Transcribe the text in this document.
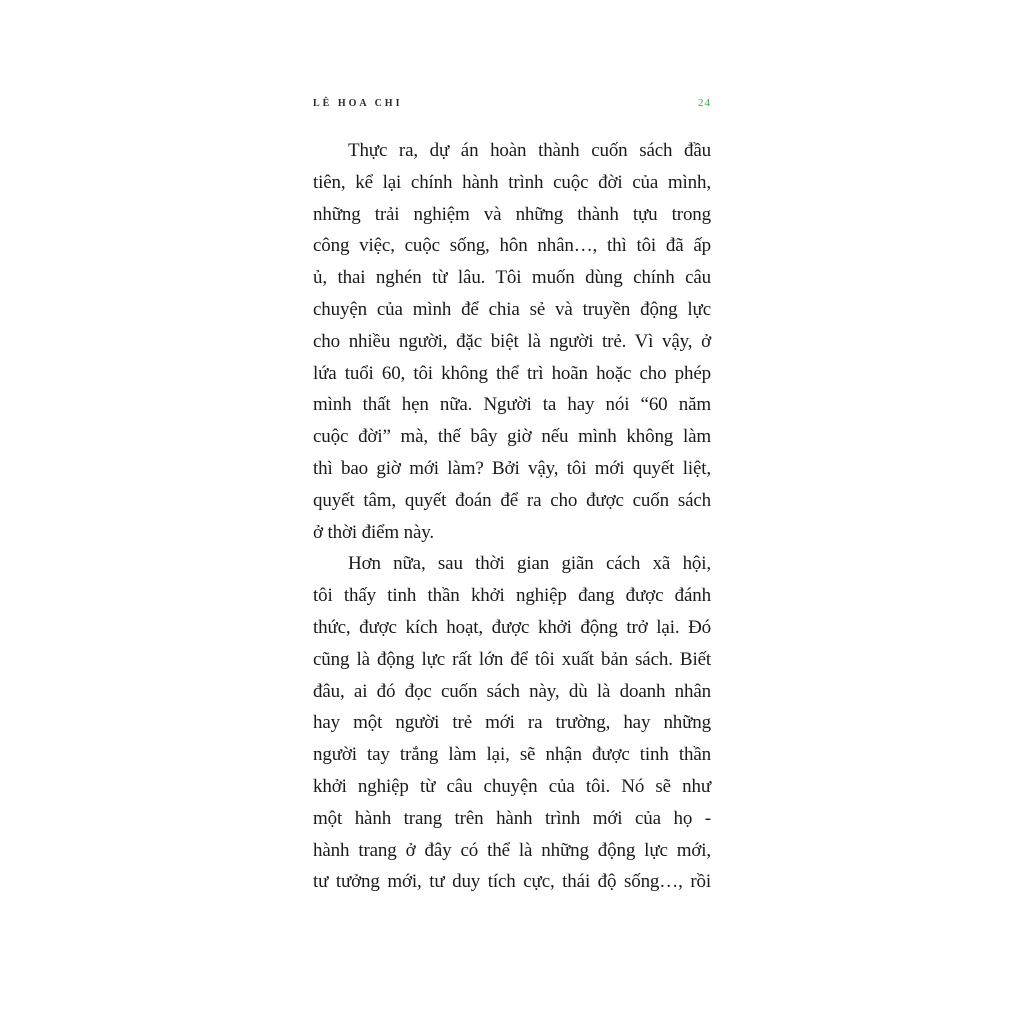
LÊ HOA CHI	24
Thực ra, dự án hoàn thành cuốn sách đầu
tiên, kể lại chính hành trình cuộc đời của mình,
những trải nghiệm và những thành tựu trong
công việc, cuộc sống, hôn nhân…, thì tôi đã ấp
ủ, thai nghén từ lâu. Tôi muốn dùng chính câu
chuyện của mình để chia sẻ và truyền động lực
cho nhiều người, đặc biệt là người trẻ. Vì vậy, ở
lứa tuổi 60, tôi không thể trì hoãn hoặc cho phép
mình thất hẹn nữa. Người ta hay nói “60 năm
cuộc đời” mà, thế bây giờ nếu mình không làm
thì bao giờ mới làm? Bởi vậy, tôi mới quyết liệt,
quyết tâm, quyết đoán để ra cho được cuốn sách
ở thời điểm này.
Hơn nữa, sau thời gian giãn cách xã hội,
tôi thấy tinh thần khởi nghiệp đang được đánh
thức, được kích hoạt, được khởi động trở lại. Đó
cũng là động lực rất lớn để tôi xuất bản sách. Biết
đâu, ai đó đọc cuốn sách này, dù là doanh nhân
hay một người trẻ mới ra trường, hay những
người tay trắng làm lại, sẽ nhận được tinh thần
khởi nghiệp từ câu chuyện của tôi. Nó sẽ như
một hành trang trên hành trình mới của họ -
hành trang ở đây có thể là những động lực mới,
tư tưởng mới, tư duy tích cực, thái độ sống…, rồi
